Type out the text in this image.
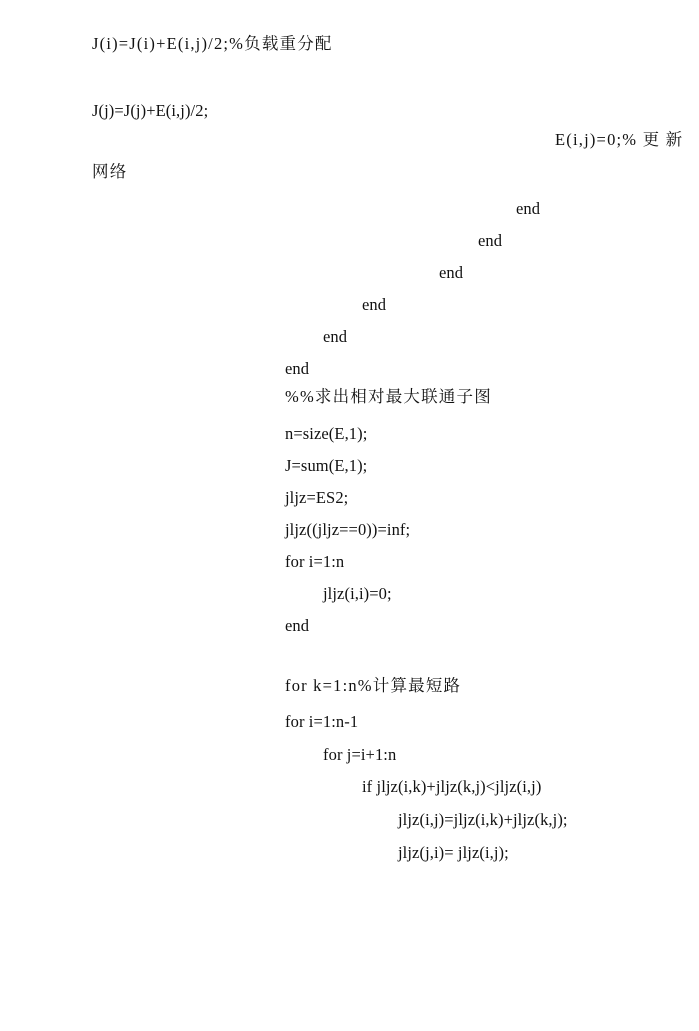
J(i)=J(i)+E(i,j)/2;%负载重分配
J(j)=J(j)+E(i,j)/2;
E(i,j)=0;% 更 新
网络
end
end
end
end
end
end
%%求出相对最大联通子图
n=size(E,1);
J=sum(E,1);
jljz=ES2;
jljz((jljz==0))=inf;
for i=1:n
jljz(i,i)=0;
end
for k=1:n%计算最短路
for i=1:n-1
for j=i+1:n
if jljz(i,k)+jljz(k,j)<jljz(i,j)
jljz(i,j)=jljz(i,k)+jljz(k,j);
jljz(j,i)= jljz(i,j);
